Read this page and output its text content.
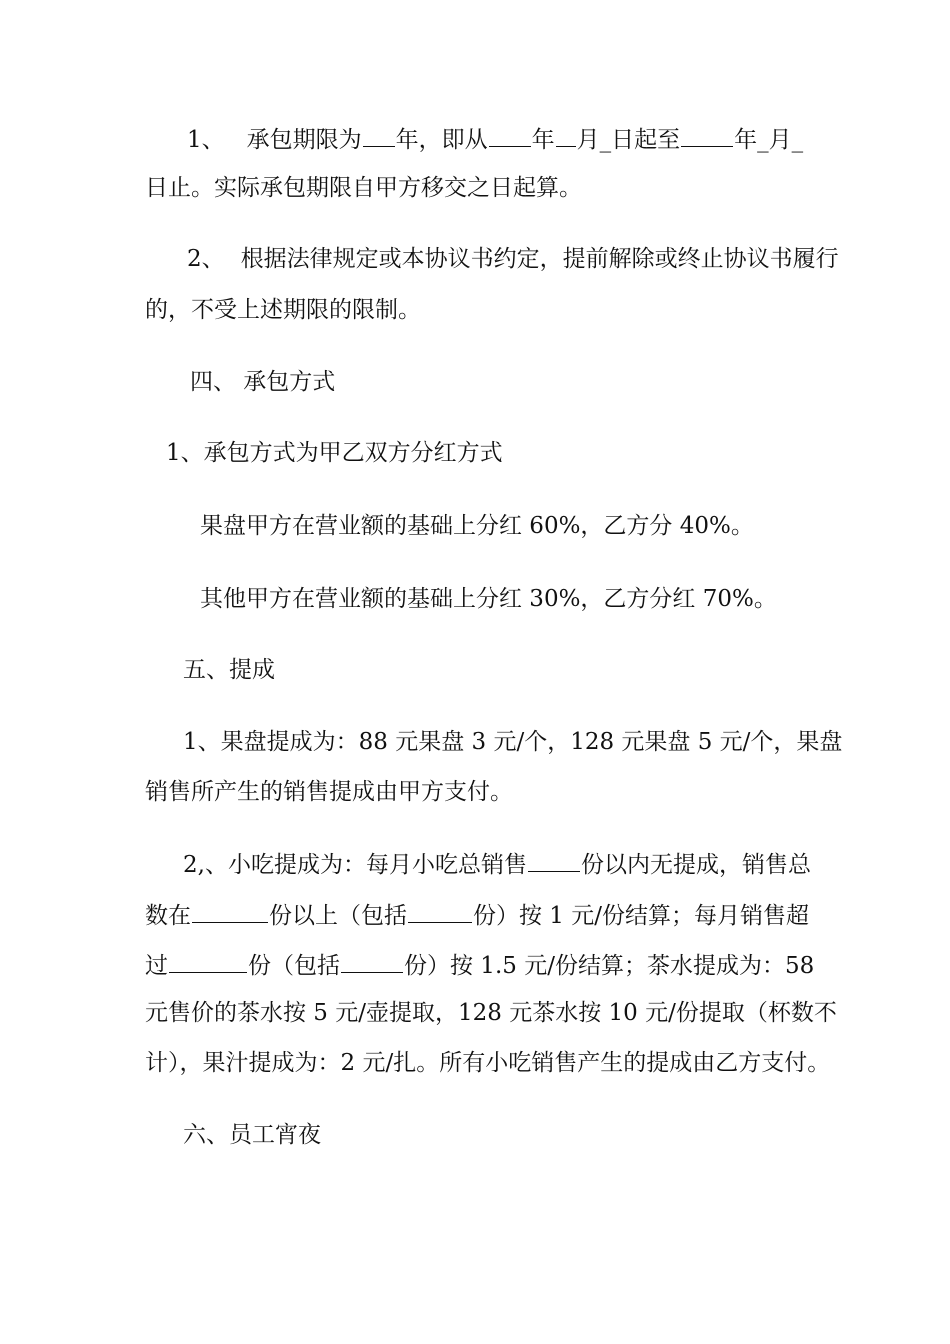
1、 承包期限为 年，即从 年 月_日起至 年_月_
日止。实际承包期限自甲方移交之日起算。
2、 根据法律规定或本协议书约定，提前解除或终止协议书履行
的，不受上述期限的限制。
四、 承包方式
1、承包方式为甲乙双方分红方式
果盘甲方在营业额的基础上分红 60%，乙方分 40%。
其他甲方在营业额的基础上分红 30%，乙方分红 70%。
五、提成
1、果盘提成为：88 元果盘 3 元/个，128 元果盘 5 元/个，果盘
销售所产生的销售提成由甲方支付。
2,、小吃提成为：每月小吃总销售 份以内无提成，销售总
数在	份以上（包括	份）按 1 元/份结算；每月销售超
过	份（包括	份）按 1.5 元/份结算；茶水提成为：58
元售价的茶水按 5 元/壶提取，128 元茶水按 10 元/份提取（杯数不
计），果汁提成为：2 元/扎。所有小吃销售产生的提成由乙方支付。
六、员工宵夜
